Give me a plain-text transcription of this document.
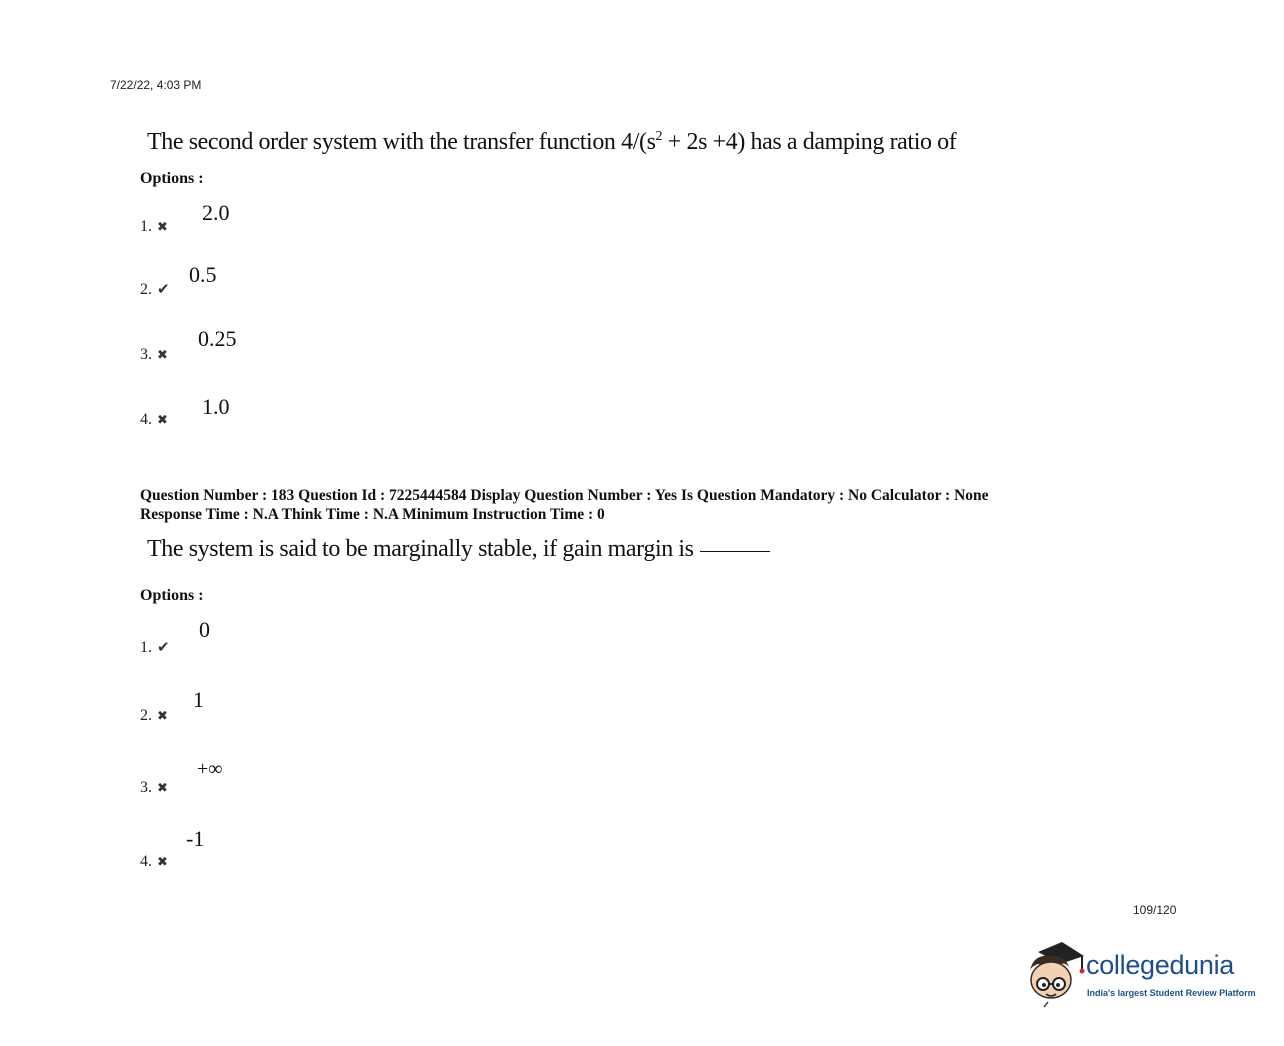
7/22/22, 4:03 PM
The second order system with the transfer function $4/(s^2 + 2s +4)$ has a damping ratio of
Options :
1. ✖
2.0
2. ✔
0.5
3. ✖
0.25
4. ✖
1.0
Question Number : 183 Question Id : 7225444584 Display Question Number : Yes Is Question Mandatory : No Calculator : None
Response Time : N.A Think Time : N.A Minimum Instruction Time : 0
The system is said to be marginally stable, if gain margin is
Options :
1. ✔
0
2. ✖
1
3. ✖
+∞
4. ✖
-1
109/120
collegedunia
India's largest Student Review Platform
